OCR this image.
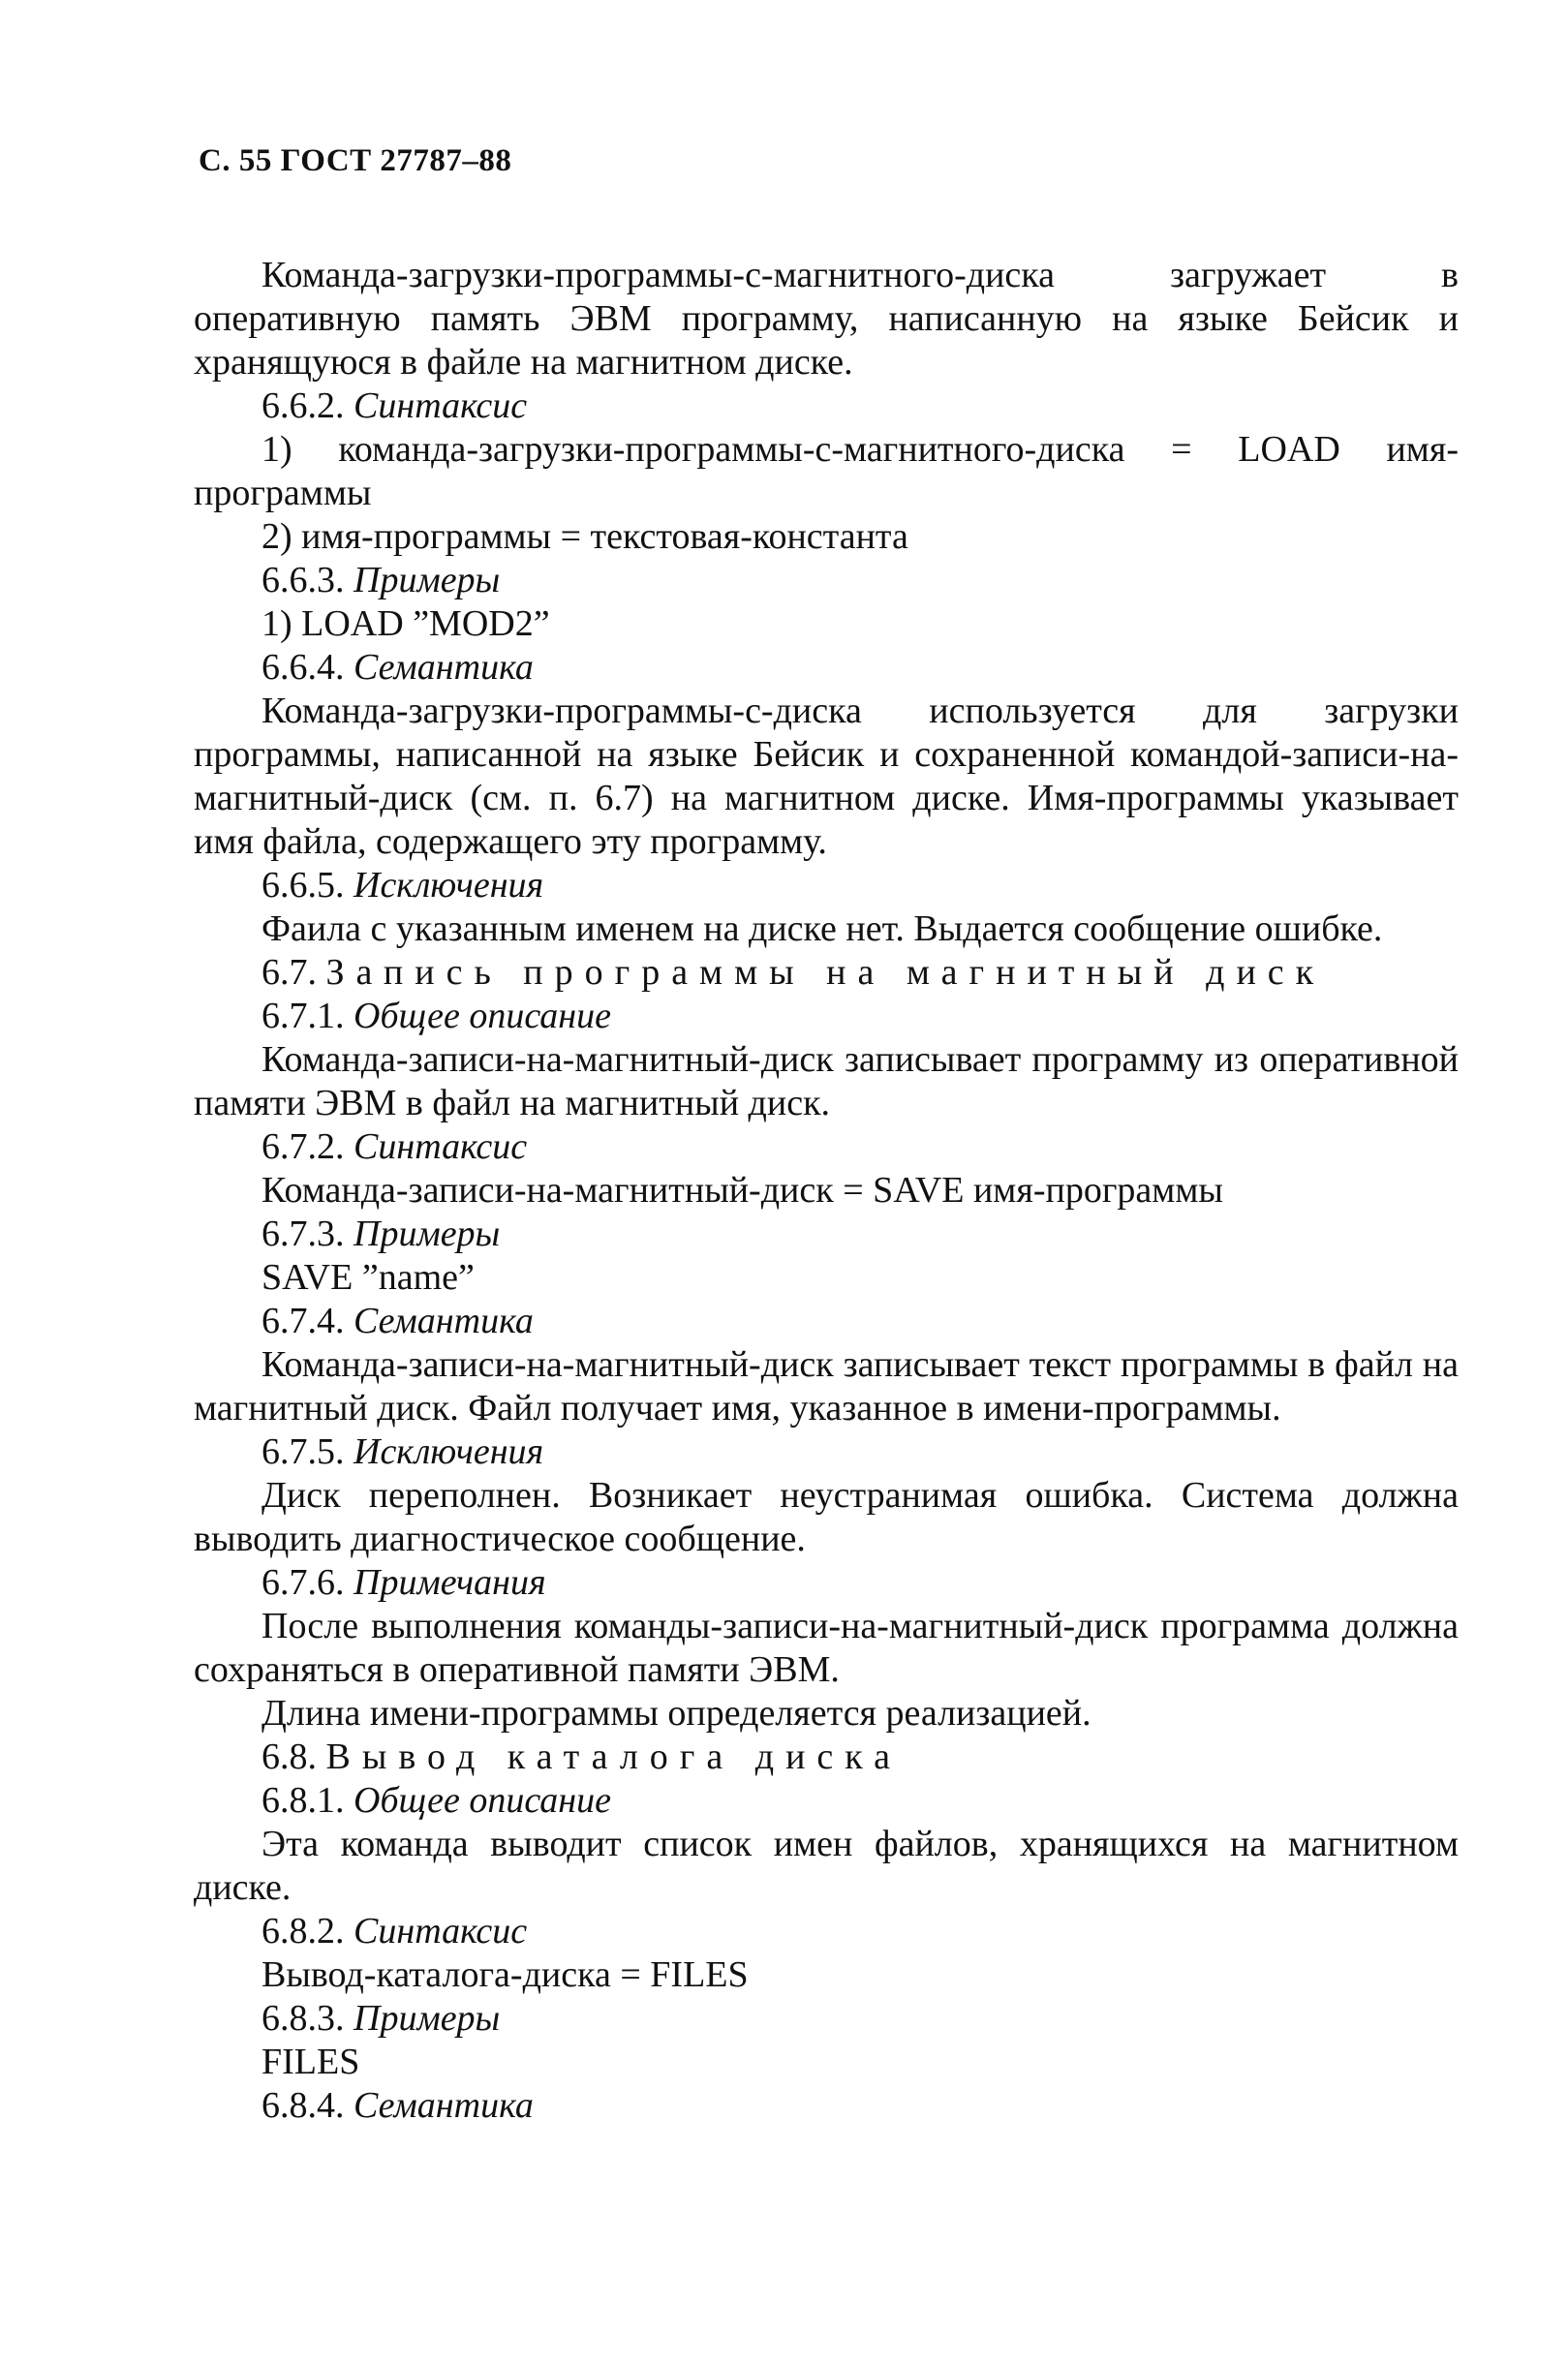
С. 55 ГОСТ 27787–88

Команда-загрузки-программы-с-магнитного-диска загружает в оперативную память ЭВМ программу, написанную на языке Бейсик и хранящуюся в файле на магнитном диске.

6.6.2. Синтаксис

1) команда-загрузки-программы-с-магнитного-диска = LOAD имя-программы

2) имя-программы = текстовая-константа

6.6.3. Примеры

1) LOAD ”MOD2”

6.6.4. Семантика

Команда-загрузки-программы-с-диска используется для загрузки программы, написанной на языке Бейсик и сохраненной командой-записи-на-магнитный-диск (см. п. 6.7) на магнитном диске. Имя-программы указывает имя файла, содержащего эту программу.

6.6.5. Исключения

Фаила с указанным именем на диске нет. Выдается сообщение ошибке.

6.7. Запись программы на магнитный диск

6.7.1. Общее описание

Команда-записи-на-магнитный-диск записывает программу из оперативной памяти ЭВМ в файл на магнитный диск.

6.7.2. Синтаксис

Команда-записи-на-магнитный-диск = SAVE имя-программы

6.7.3. Примеры

SAVE ”name”

6.7.4. Семантика

Команда-записи-на-магнитный-диск записывает текст программы в файл на магнитный диск. Файл получает имя, указанное в имени-программы.

6.7.5. Исключения

Диск переполнен. Возникает неустранимая ошибка. Система должна выводить диагностическое сообщение.

6.7.6. Примечания

После выполнения команды-записи-на-магнитный-диск программа должна сохраняться в оперативной памяти ЭВМ.

Длина имени-программы определяется реализацией.

6.8. Вывод каталога диска

6.8.1. Общее описание

Эта команда выводит список имен файлов, хранящихся на магнитном диске.

6.8.2. Синтаксис

Вывод-каталога-диска = FILES

6.8.3. Примеры

FILES

6.8.4. Семантика
